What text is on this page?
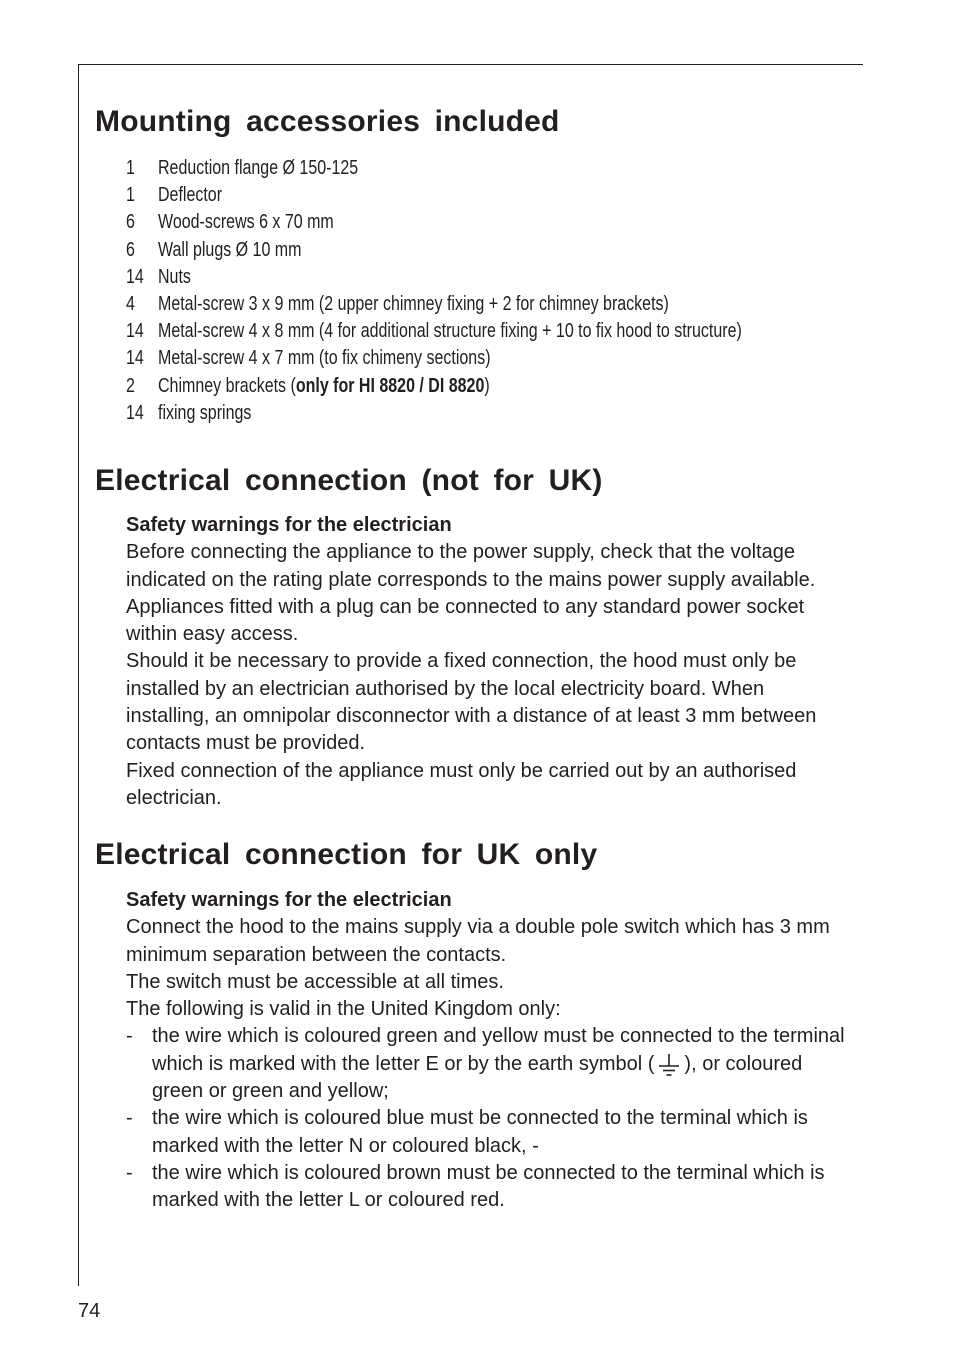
Mounting accessories included
1 Reduction flange Ø 150-125
1 Deflector
6 Wood-screws 6 x 70 mm
6 Wall plugs Ø 10 mm
14 Nuts
4 Metal-screw 3 x 9 mm (2 upper chimney fixing + 2 for chimney brackets)
14 Metal-screw 4 x 8 mm (4 for additional structure fixing + 10 to fix hood to structure)
14 Metal-screw 4 x 7 mm (to fix chimeny sections)
2 Chimney brackets (only for HI 8820 / DI 8820)
14 fixing springs
Electrical connection (not for UK)

Safety warnings for the electrician

Before connecting the appliance to the power supply, check that the voltage indicated on the rating plate corresponds to the mains power supply available. Appliances fitted with a plug can be connected to any standard power socket within easy access.

Should it be necessary to provide a fixed connection, the hood must only be installed by an electrician authorised by the local electricity board. When installing, an omnipolar disconnector with a distance of at least 3 mm between contacts must be provided.

Fixed connection of the appliance must only be carried out by an authorised electrician.

Electrical connection for UK only

Safety warnings for the electrician

Connect the hood to the mains supply via a double pole switch which has 3 mm minimum separation between the contacts.

The switch must be accessible at all times.

The following is valid in the United Kingdom only:

- the wire which is coloured green and yellow must be connected to the terminal which is marked with the letter E or by the earth symbol ( ), or coloured green or green and yellow;
- the wire which is coloured blue must be connected to the terminal which is marked with the letter N or coloured black, -
- the wire which is coloured brown must be connected to the terminal which is marked with the letter L or coloured red.
74
